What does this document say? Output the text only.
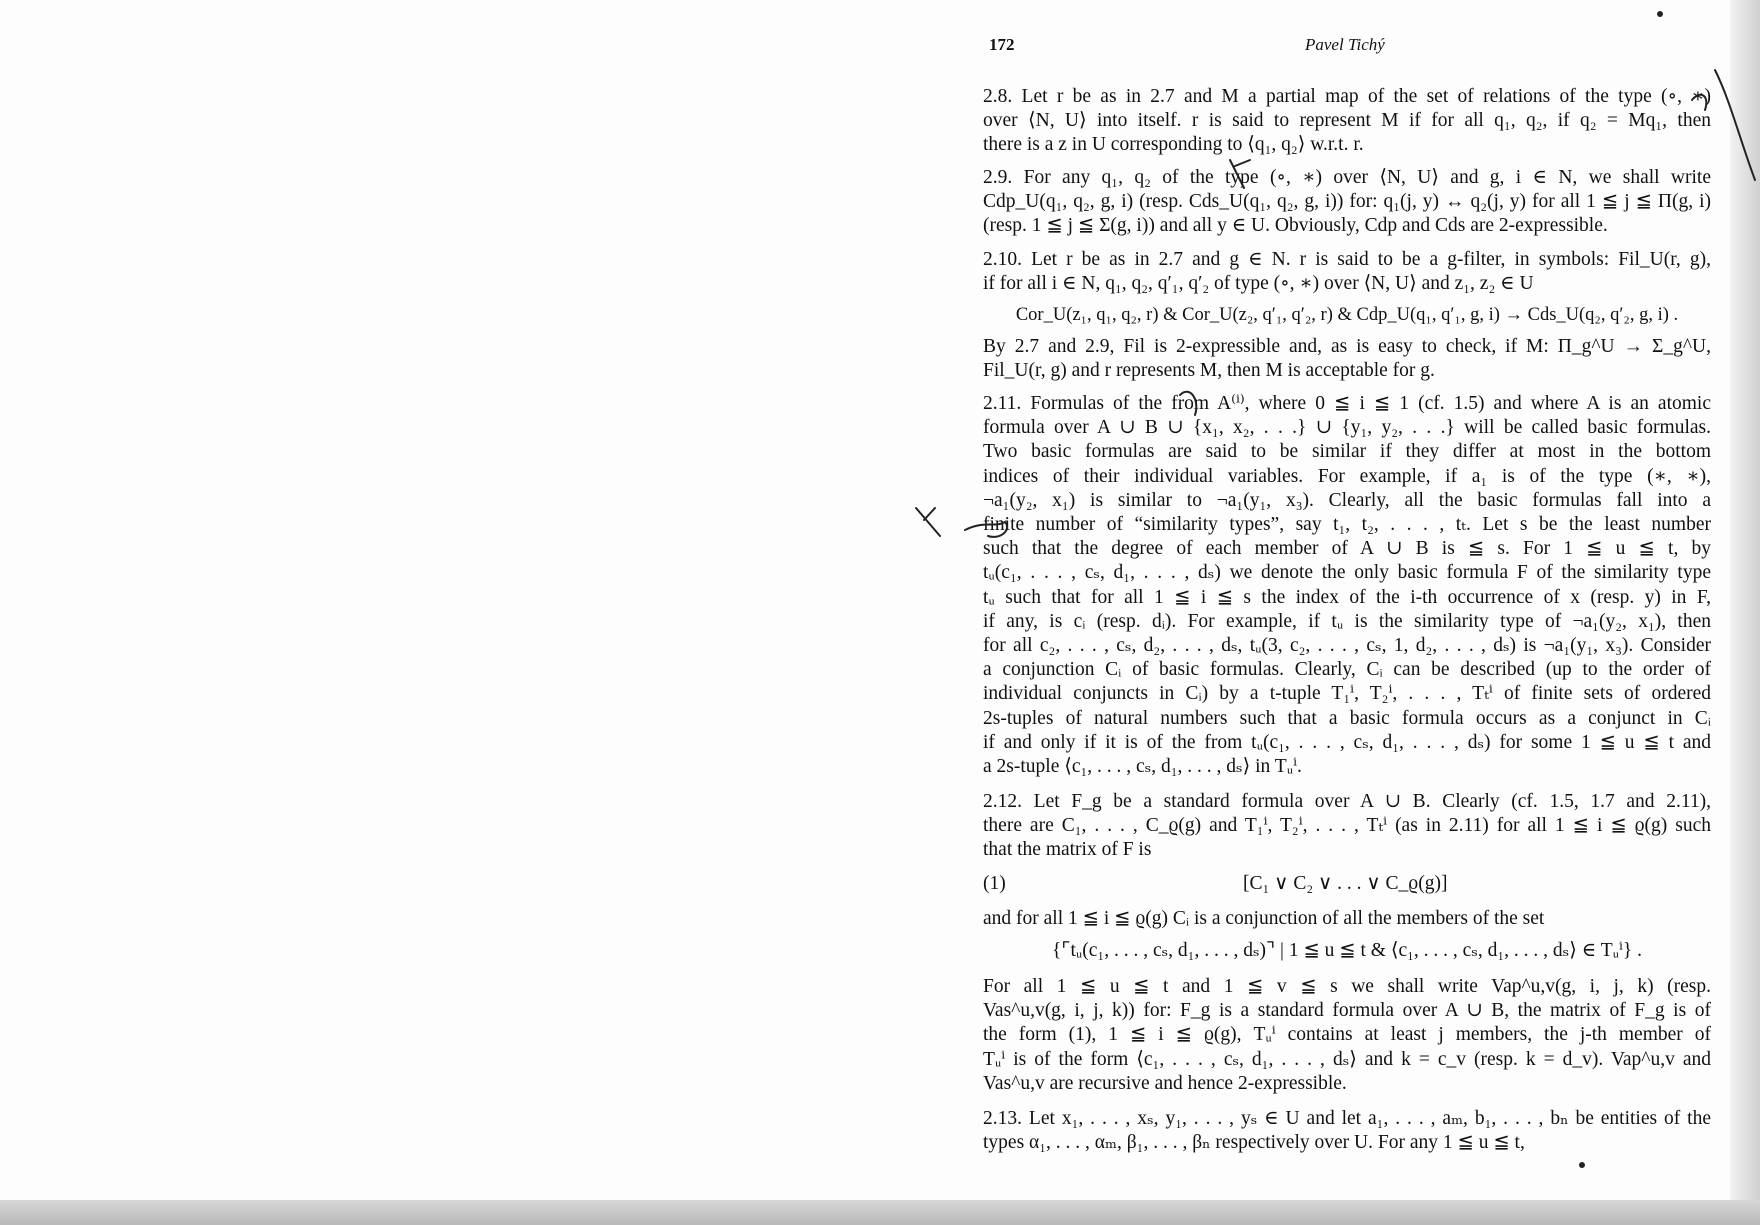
172	Pavel Tichý
2.8. Let r be as in 2.7 and M a partial map of the set of relations of the type (∘, ∗)
over ⟨N, U⟩ into itself. r is said to represent M if for all q₁, q₂, if q₂ = Mq₁, then
there is a z in U corresponding to ⟨q₁, q₂⟩ w.r.t. r.
2.9. For any q₁, q₂ of the type (∘, ∗) over ⟨N, U⟩ and g, i ∈ N, we shall write
Cdp_U(q₁, q₂, g, i) (resp. Cds_U(q₁, q₂, g, i)) for: q₁(j, y) ↔ q₂(j, y) for all 1 ≦ j ≦ Π(g, i)
(resp. 1 ≦ j ≦ Σ(g, i)) and all y ∈ U. Obviously, Cdp and Cds are 2-expressible.
2.10. Let r be as in 2.7 and g ∈ N. r is said to be a g-filter, in symbols: Fil_U(r, g),
if for all i ∈ N, q₁, q₂, q′₁, q′₂ of type (∘, ∗) over ⟨N, U⟩ and z₁, z₂ ∈ U

Cor_U(z₁, q₁, q₂, r) & Cor_U(z₂, q′₁, q′₂, r) & Cdp_U(q₁, q′₁, g, i) → Cds_U(q₂, q′₂, g, i) .

By 2.7 and 2.9, Fil is 2-expressible and, as is easy to check, if M: Π_g^U → Σ_g^U,
Fil_U(r, g) and r represents M, then M is acceptable for g.
2.11. Formulas of the from A⁽ⁱ⁾, where 0 ≦ i ≦ 1 (cf. 1.5) and where A is an atomic
formula over A ∪ B ∪ {x₁, x₂, . . .} ∪ {y₁, y₂, . . .} will be called basic formulas.
Two basic formulas are said to be similar if they differ at most in the bottom
indices of their individual variables. For example, if a₁ is of the type (∗, ∗),
¬a₁(y₂, x₁) is similar to ¬a₁(y₁, x₃). Clearly, all the basic formulas fall into a
finite number of “similarity types”, say t₁, t₂, . . . , tₜ. Let s be the least number
such that the degree of each member of A ∪ B is ≦ s. For 1 ≦ u ≦ t, by
tᵤ(c₁, . . . , cₛ, d₁, . . . , dₛ) we denote the only basic formula F of the similarity type
tᵤ such that for all 1 ≦ i ≦ s the index of the i-th occurrence of x (resp. y) in F,
if any, is cᵢ (resp. dᵢ). For example, if tᵤ is the similarity type of ¬a₁(y₂, x₁), then
for all c₂, . . . , cₛ, d₂, . . . , dₛ, tᵤ(3, c₂, . . . , cₛ, 1, d₂, . . . , dₛ) is ¬a₁(y₁, x₃). Consider
a conjunction Cᵢ of basic formulas. Clearly, Cᵢ can be described (up to the order of
individual conjuncts in Cᵢ) by a t-tuple T₁ⁱ, T₂ⁱ, . . . , Tₜⁱ of finite sets of ordered
2s-tuples of natural numbers such that a basic formula occurs as a conjunct in Cᵢ
if and only if it is of the from tᵤ(c₁, . . . , cₛ, d₁, . . . , dₛ) for some 1 ≦ u ≦ t and
a 2s-tuple ⟨c₁, . . . , cₛ, d₁, . . . , dₛ⟩ in Tᵤⁱ.
2.12. Let F_g be a standard formula over A ∪ B. Clearly (cf. 1.5, 1.7 and 2.11),
there are C₁, . . . , C_ϱ(g) and T₁ⁱ, T₂ⁱ, . . . , Tₜⁱ (as in 2.11) for all 1 ≦ i ≦ ϱ(g) such
that the matrix of F is
(1)	[C₁ ∨ C₂ ∨ . . . ∨ C_ϱ(g)]
and for all 1 ≦ i ≦ ϱ(g) Cᵢ is a conjunction of all the members of the set

{⌜tᵤ(c₁, . . . , cₛ, d₁, . . . , dₛ)⌝ | 1 ≦ u ≦ t & ⟨c₁, . . . , cₛ, d₁, . . . , dₛ⟩ ∈ Tᵤⁱ} .

For all 1 ≦ u ≦ t and 1 ≦ v ≦ s we shall write Vap^u,v(g, i, j, k) (resp.
Vas^u,v(g, i, j, k)) for: F_g is a standard formula over A ∪ B, the matrix of F_g is of
the form (1), 1 ≦ i ≦ ϱ(g), Tᵤⁱ contains at least j members, the j-th member of
Tᵤⁱ is of the form ⟨c₁, . . . , cₛ, d₁, . . . , dₛ⟩ and k = c_v (resp. k = d_v). Vap^u,v and
Vas^u,v are recursive and hence 2-expressible.
2.13. Let x₁, . . . , xₛ, y₁, . . . , yₛ ∈ U and let a₁, . . . , aₘ, b₁, . . . , bₙ be entities of the
types α₁, . . . , αₘ, β₁, . . . , βₙ respectively over U. For any 1 ≦ u ≦ t,
